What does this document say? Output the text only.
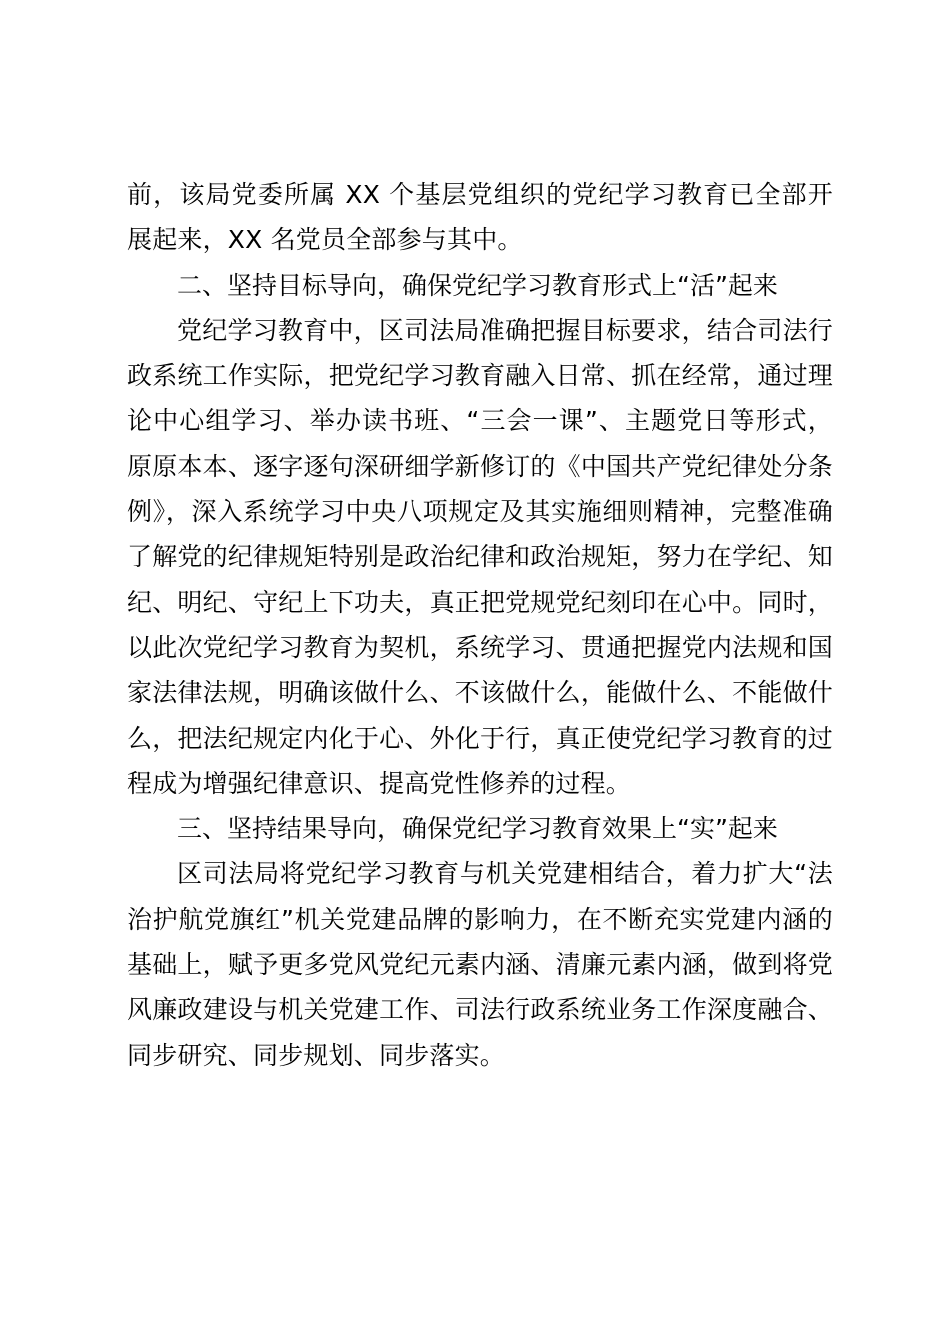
前，该局党委所属 XX 个基层党组织的党纪学习教育已全部开展起来，XX 名党员全部参与其中。

二、坚持目标导向，确保党纪学习教育形式上“活”起来

党纪学习教育中，区司法局准确把握目标要求，结合司法行政系统工作实际，把党纪学习教育融入日常、抓在经常，通过理论中心组学习、举办读书班、“三会一课”、主题党日等形式，原原本本、逐字逐句深研细学新修订的《中国共产党纪律处分条例》，深入系统学习中央八项规定及其实施细则精神，完整准确了解党的纪律规矩特别是政治纪律和政治规矩，努力在学纪、知纪、明纪、守纪上下功夫，真正把党规党纪刻印在心中。同时，以此次党纪学习教育为契机，系统学习、贯通把握党内法规和国家法律法规，明确该做什么、不该做什么，能做什么、不能做什么，把法纪规定内化于心、外化于行，真正使党纪学习教育的过程成为增强纪律意识、提高党性修养的过程。

三、坚持结果导向，确保党纪学习教育效果上“实”起来

区司法局将党纪学习教育与机关党建相结合，着力扩大“法治护航党旗红”机关党建品牌的影响力，在不断充实党建内涵的基础上，赋予更多党风党纪元素内涵、清廉元素内涵，做到将党风廉政建设与机关党建工作、司法行政系统业务工作深度融合、同步研究、同步规划、同步落实。
